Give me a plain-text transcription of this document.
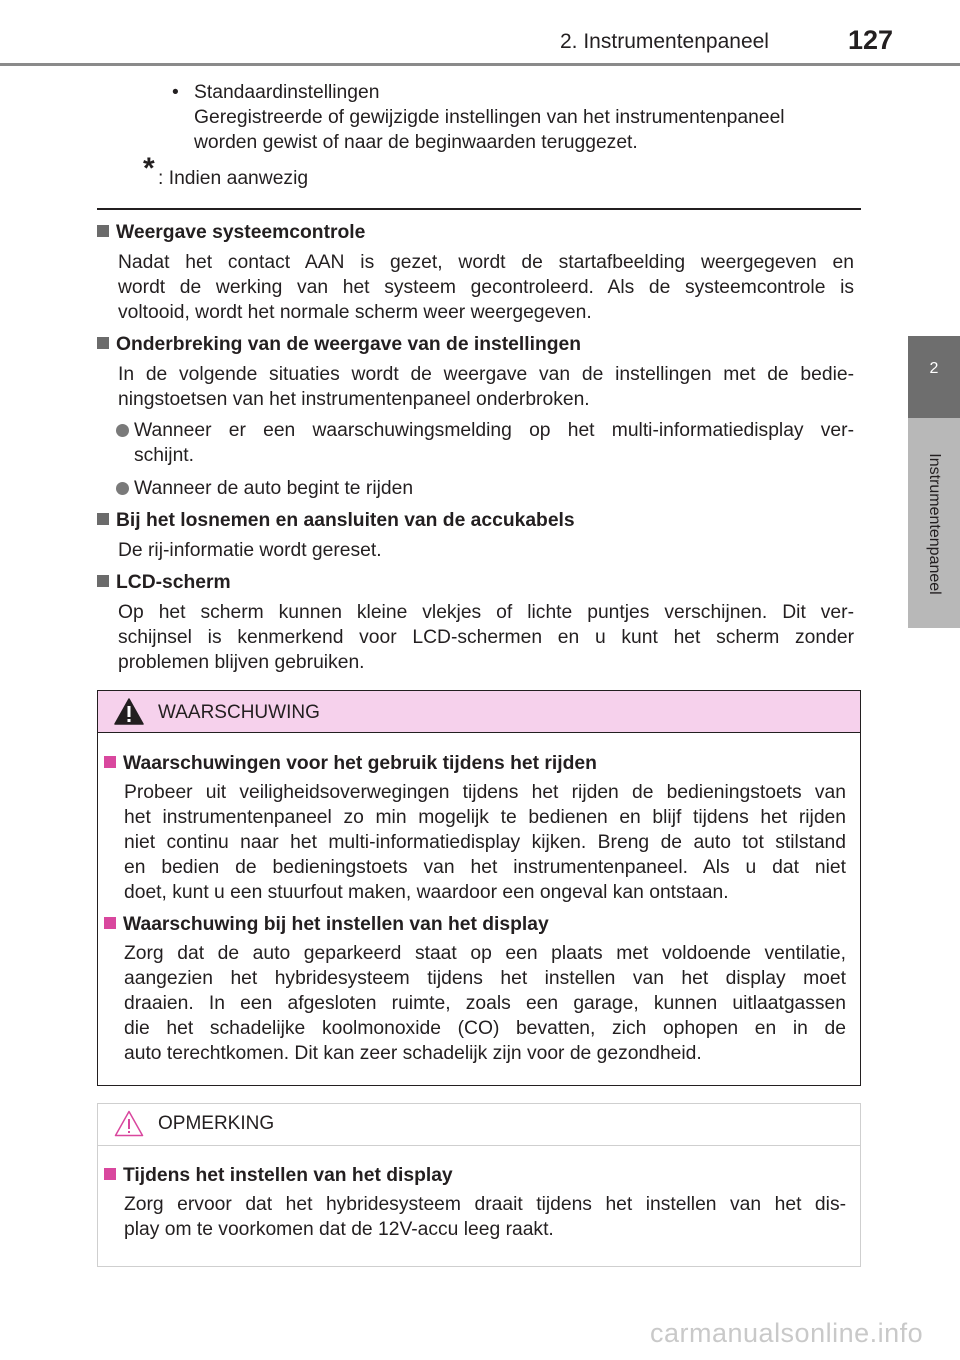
2. Instrumentenpaneel	127
2
Instrumentenpaneel
• Standaardinstellingen
Geregistreerde of gewijzigde instellingen van het instrumentenpaneel
worden gewist of naar de beginwaarden teruggezet.
* : Indien aanwezig
Weergave systeemcontrole
Nadat het contact AAN is gezet, wordt de startafbeelding weergegeven en
wordt de werking van het systeem gecontroleerd. Als de systeemcontrole is
voltooid, wordt het normale scherm weer weergegeven.
Onderbreking van de weergave van de instellingen
In de volgende situaties wordt de weergave van de instellingen met de bedie-
ningstoetsen van het instrumentenpaneel onderbroken.
Wanneer er een waarschuwingsmelding op het multi-informatiedisplay ver-
schijnt.
Wanneer de auto begint te rijden
Bij het losnemen en aansluiten van de accukabels
De rij-informatie wordt gereset.
LCD-scherm
Op het scherm kunnen kleine vlekjes of lichte puntjes verschijnen. Dit ver-
schijnsel is kenmerkend voor LCD-schermen en u kunt het scherm zonder
problemen blijven gebruiken.
WAARSCHUWING
Waarschuwingen voor het gebruik tijdens het rijden
Probeer uit veiligheidsoverwegingen tijdens het rijden de bedieningstoets van
het instrumentenpaneel zo min mogelijk te bedienen en blijf tijdens het rijden
niet continu naar het multi-informatiedisplay kijken. Breng de auto tot stilstand
en bedien de bedieningstoets van het instrumentenpaneel. Als u dat niet
doet, kunt u een stuurfout maken, waardoor een ongeval kan ontstaan.
Waarschuwing bij het instellen van het display
Zorg dat de auto geparkeerd staat op een plaats met voldoende ventilatie,
aangezien het hybridesysteem tijdens het instellen van het display moet
draaien. In een afgesloten ruimte, zoals een garage, kunnen uitlaatgassen
die het schadelijke koolmonoxide (CO) bevatten, zich ophopen en in de
auto terechtkomen. Dit kan zeer schadelijk zijn voor de gezondheid.
OPMERKING
Tijdens het instellen van het display
Zorg ervoor dat het hybridesysteem draait tijdens het instellen van het dis-
play om te voorkomen dat de 12V-accu leeg raakt.
carmanualsonline.info
